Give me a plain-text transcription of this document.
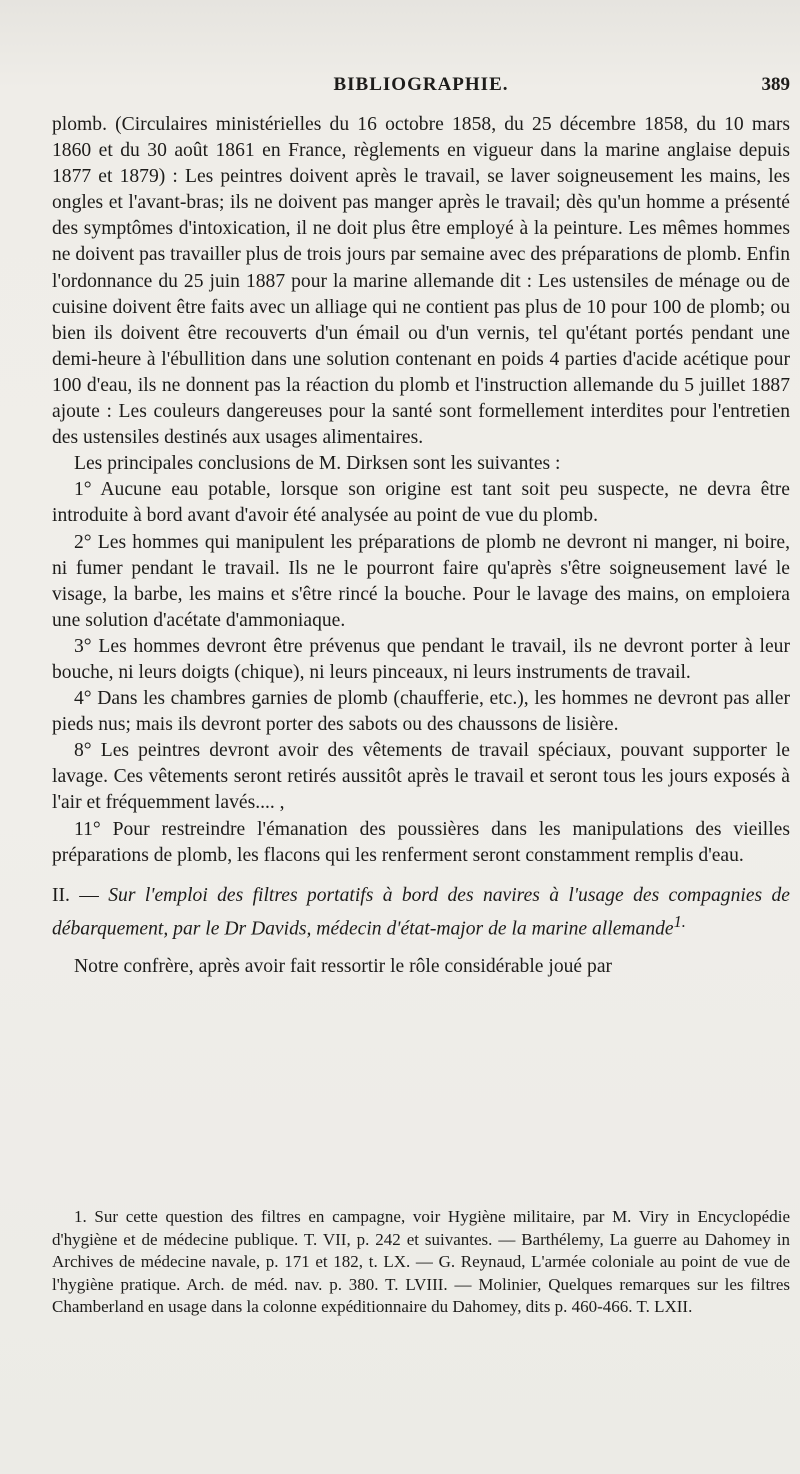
BIBLIOGRAPHIE.	389

plomb. (Circulaires ministérielles du 16 octobre 1858, du 25 décembre 1858, du 10 mars 1860 et du 30 août 1861 en France, règlements en vigueur dans la marine anglaise depuis 1877 et 1879) : Les peintres doivent après le travail, se laver soigneusement les mains, les ongles et l'avant-bras; ils ne doivent pas manger après le travail; dès qu'un homme a présenté des symptômes d'intoxication, il ne doit plus être employé à la peinture. Les mêmes hommes ne doivent pas travailler plus de trois jours par semaine avec des préparations de plomb. Enfin l'ordonnance du 25 juin 1887 pour la marine allemande dit : Les ustensiles de ménage ou de cuisine doivent être faits avec un alliage qui ne contient pas plus de 10 pour 100 de plomb; ou bien ils doivent être recouverts d'un émail ou d'un vernis, tel qu'étant portés pendant une demi-heure à l'ébullition dans une solution contenant en poids 4 parties d'acide acétique pour 100 d'eau, ils ne donnent pas la réaction du plomb et l'instruction allemande du 5 juillet 1887 ajoute : Les couleurs dangereuses pour la santé sont formellement interdites pour l'entretien des ustensiles destinés aux usages alimentaires.

Les principales conclusions de M. Dirksen sont les suivantes :

1° Aucune eau potable, lorsque son origine est tant soit peu suspecte, ne devra être introduite à bord avant d'avoir été analysée au point de vue du plomb.

2° Les hommes qui manipulent les préparations de plomb ne devront ni manger, ni boire, ni fumer pendant le travail. Ils ne le pourront faire qu'après s'être soigneusement lavé le visage, la barbe, les mains et s'être rincé la bouche. Pour le lavage des mains, on emploiera une solution d'acétate d'ammoniaque.

3° Les hommes devront être prévenus que pendant le travail, ils ne devront porter à leur bouche, ni leurs doigts (chique), ni leurs pinceaux, ni leurs instruments de travail.

4° Dans les chambres garnies de plomb (chaufferie, etc.), les hommes ne devront pas aller pieds nus; mais ils devront porter des sabots ou des chaussons de lisière.

8° Les peintres devront avoir des vêtements de travail spéciaux, pouvant supporter le lavage. Ces vêtements seront retirés aussitôt après le travail et seront tous les jours exposés à l'air et fréquemment lavés.... ,

11° Pour restreindre l'émanation des poussières dans les manipulations des vieilles préparations de plomb, les flacons qui les renferment seront constamment remplis d'eau.

II. — Sur l'emploi des filtres portatifs à bord des navires à l'usage des compagnies de débarquement, par le Dr Davids, médecin d'état-major de la marine allemande$^{1.}$

Notre confrère, après avoir fait ressortir le rôle considérable joué par

1. Sur cette question des filtres en campagne, voir Hygiène militaire, par M. Viry in Encyclopédie d'hygiène et de médecine publique. T. VII, p. 242 et suivantes. — Barthélemy, La guerre au Dahomey in Archives de médecine navale, p. 171 et 182, t. LX. — G. Reynaud, L'armée coloniale au point de vue de l'hygiène pratique. Arch. de méd. nav. p. 380. T. LVIII. — Molinier, Quelques remarques sur les filtres Chamberland en usage dans la colonne expéditionnaire du Dahomey, dits p. 460-466. T. LXII.
